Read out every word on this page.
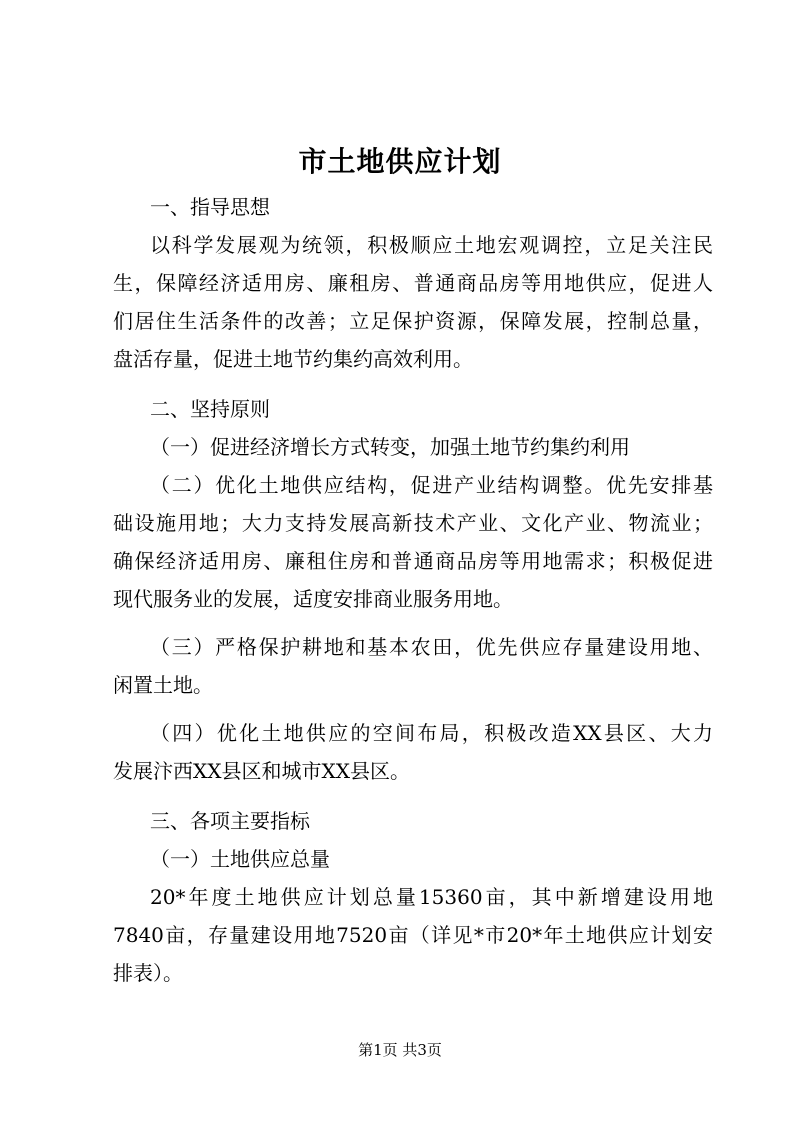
市土地供应计划
一、指导思想
以科学发展观为统领，积极顺应土地宏观调控，立足关注民
生，保障经济适用房、廉租房、普通商品房等用地供应，促进人
们居住生活条件的改善；立足保护资源，保障发展，控制总量，
盘活存量，促进土地节约集约高效利用。
二、坚持原则
（一）促进经济增长方式转变，加强土地节约集约利用
（二）优化土地供应结构，促进产业结构调整。优先安排基
础设施用地；大力支持发展高新技术产业、文化产业、物流业；
确保经济适用房、廉租住房和普通商品房等用地需求；积极促进
现代服务业的发展，适度安排商业服务用地。
（三）严格保护耕地和基本农田，优先供应存量建设用地、
闲置土地。
（四）优化土地供应的空间布局，积极改造XX县区、大力
发展汴西XX县区和城市XX县区。
三、各项主要指标
（一）土地供应总量
20*年度土地供应计划总量15360亩，其中新增建设用地
7840亩，存量建设用地7520亩（详见*市20*年土地供应计划安
排表）。
第1页 共3页
